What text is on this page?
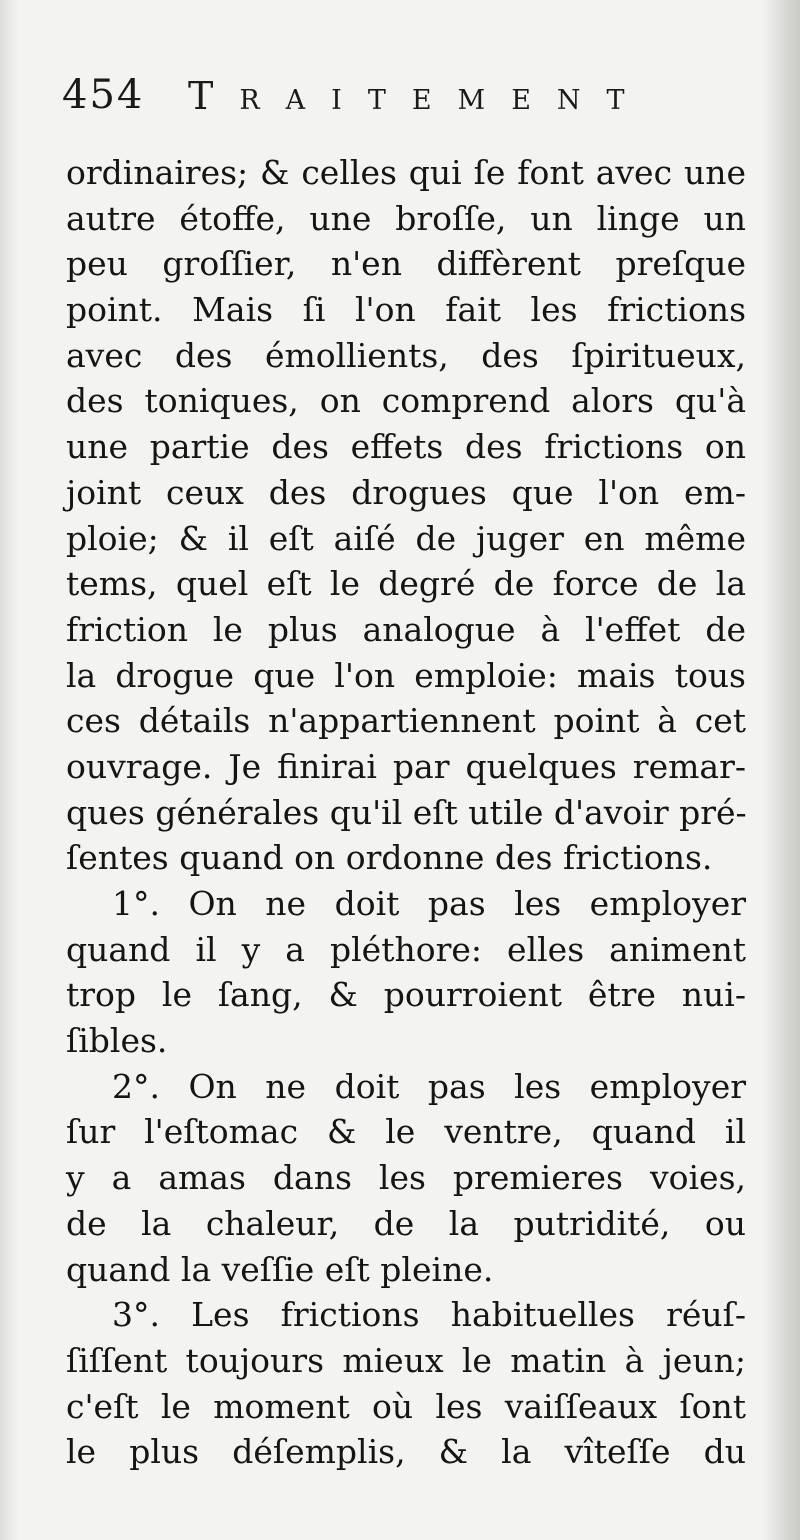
454 Traitement
ordinaires; & celles qui ſe font avec une
autre étoffe, une broſſe, un linge un
peu groſſier, n'en diffèrent preſque
point. Mais ſi l'on fait les frictions
avec des émollients, des ſpiritueux,
des toniques, on comprend alors qu'à
une partie des effets des frictions on
joint ceux des drogues que l'on em-
ploie; & il eſt aiſé de juger en même
tems, quel eſt le degré de force de la
friction le plus analogue à l'effet de
la drogue que l'on emploie: mais tous
ces détails n'appartiennent point à cet
ouvrage. Je finirai par quelques remar-
ques générales qu'il eſt utile d'avoir pré-
ſentes quand on ordonne des frictions.
1°. On ne doit pas les employer
quand il y a pléthore: elles animent
trop le ſang, & pourroient être nui-
ſibles.
2°. On ne doit pas les employer
ſur l'eſtomac & le ventre, quand il
y a amas dans les premieres voies,
de la chaleur, de la putridité, ou
quand la veſſie eſt pleine.
3°. Les frictions habituelles réuſ-
ſiſſent toujours mieux le matin à jeun;
c'eſt le moment où les vaiſſeaux ſont
le plus déſemplis, & la vîteſſe du
